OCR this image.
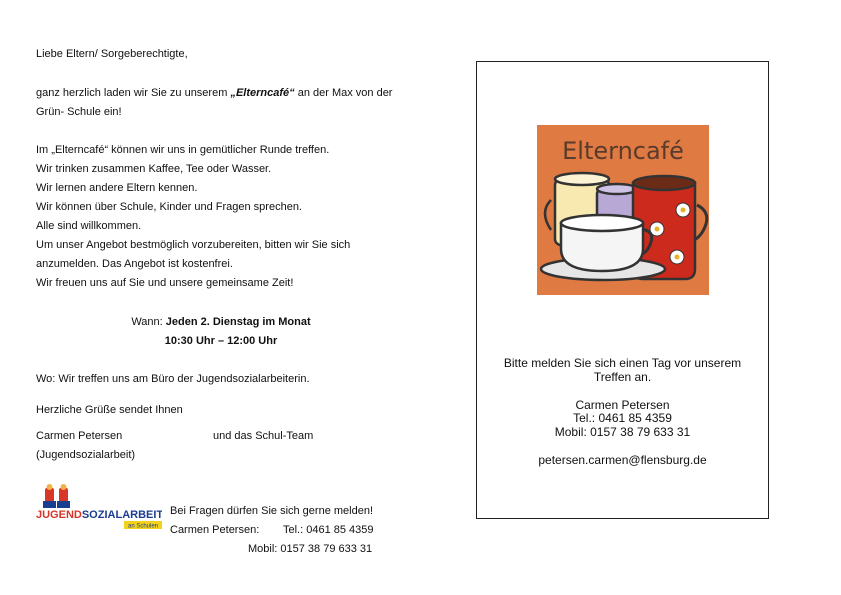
Liebe Eltern/ Sorgeberechtigte,
ganz herzlich laden wir Sie zu unserem „Elterncafé“ an der Max von der
Grün- Schule ein!
Im „Elterncafé“ können wir uns in gemütlicher Runde treffen.
Wir trinken zusammen Kaffee, Tee oder Wasser.
Wir lernen andere Eltern kennen.
Wir können über Schule, Kinder und Fragen sprechen.
Alle sind willkommen.
Um unser Angebot bestmöglich vorzubereiten, bitten wir Sie sich
anzumelden. Das Angebot ist kostenfrei.
Wir freuen uns auf Sie und unsere gemeinsame Zeit!
Wann: Jeden 2. Dienstag im Monat
10:30 Uhr – 12:00 Uhr
Wo: Wir treffen uns am Büro der Jugendsozialarbeiterin.
Herzliche Grüße sendet Ihnen
Carmen Petersen	und das Schul-Team
(Jugendsozialarbeit)
JUGENDSOZIALARBEIT
an Schulen
Bei Fragen dürfen Sie sich gerne melden!
Carmen Petersen: Tel.: 0461 85 4359
Mobil: 0157 38 79 633 31
Elterncafé
Bitte melden Sie sich einen Tag vor unserem
Treffen an.
Carmen Petersen
Tel.: 0461 85 4359
Mobil: 0157 38 79 633 31
petersen.carmen@flensburg.de
